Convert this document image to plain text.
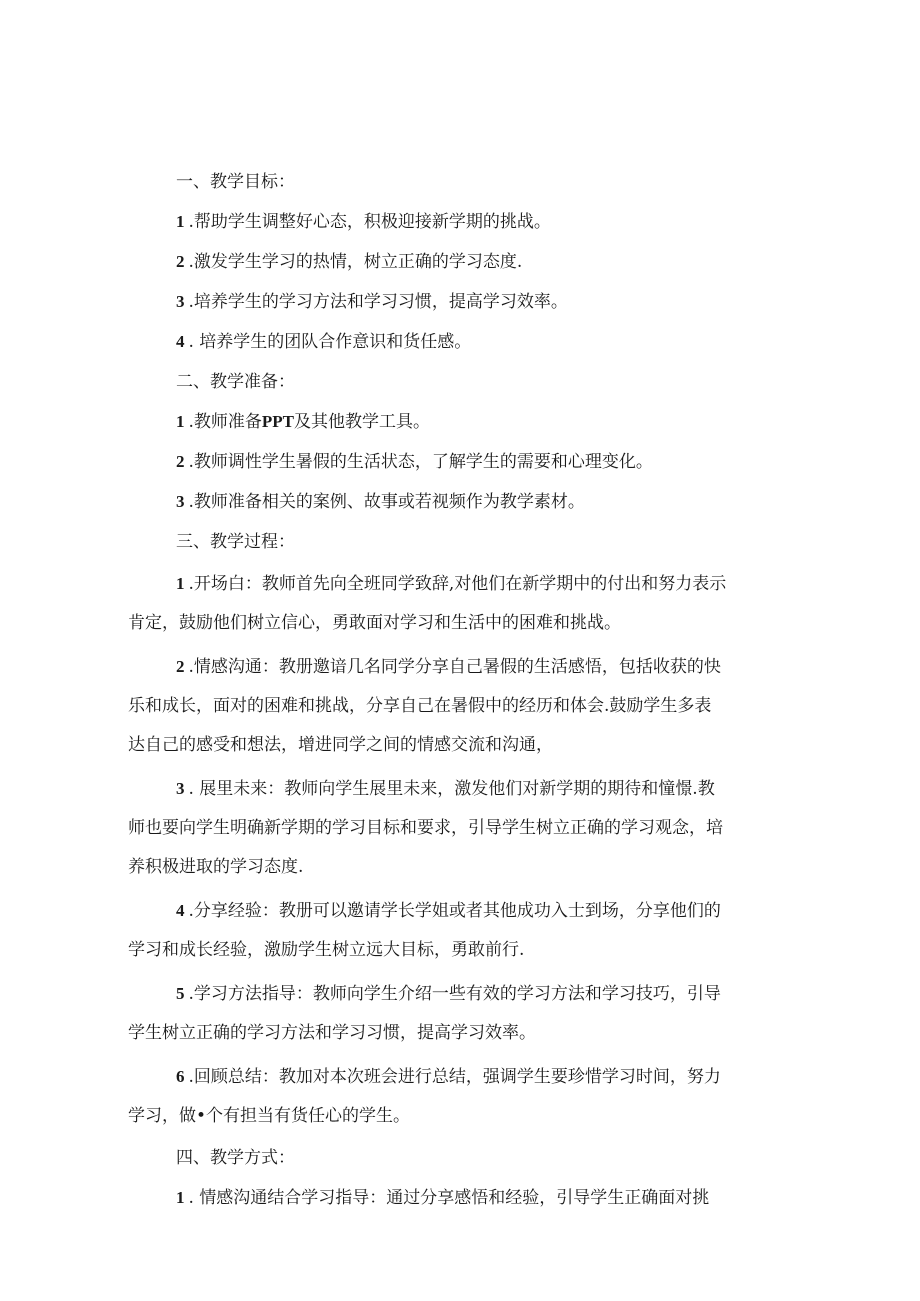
一、教学目标：
1 .帮助学生调整好心态，积极迎接新学期的挑战。
2 .激发学生学习的热情，树立正确的学习态度.
3 .培养学生的学习方法和学习习惯，提高学习效率。
4 . 培养学生的团队合作意识和货任感。
二、教学准备：
1 .教师准备PPT及其他教学工具。
2 .教师调性学生暑假的生活状态，了解学生的需要和心理变化。
3 .教师准备相关的案例、故事或若视频作为教学素材。
三、教学过程：
1 .开场白：教师首先向全班同学致辞,对他们在新学期中的付出和努力表示
肯定，鼓励他们树立信心，勇敢面对学习和生活中的困难和挑战。
2 .情感沟通：教册邀谙几名同学分享自己暑假的生活感悟，包括收获的快
乐和成长，面对的困难和挑战，分享自己在暑假中的经历和体会.鼓励学生多表
达自己的感受和想法，增进同学之间的情感交流和沟通，
3 . 展里未来：教师向学生展里未来，激发他们对新学期的期待和憧憬.教
师也要向学生明确新学期的学习目标和要求，引导学生树立正确的学习观念，培
养积极进取的学习态度.
4 .分享经验：教册可以邀请学长学姐或者其他成功入士到场，分享他们的
学习和成长经验，激励学生树立远大目标，勇敢前行.
5 .学习方法指导：教师向学生介绍一些有效的学习方法和学习技巧，引导
学生树立正确的学习方法和学习习惯，提高学习效率。
6 .回顾总结：教加对本次班会进行总结，强调学生要珍惜学习时间，努力
学习，做•个有担当有货任心的学生。
四、教学方式：
1 . 情感沟通结合学习指导：通过分享感悟和经验，引导学生正确面对挑
